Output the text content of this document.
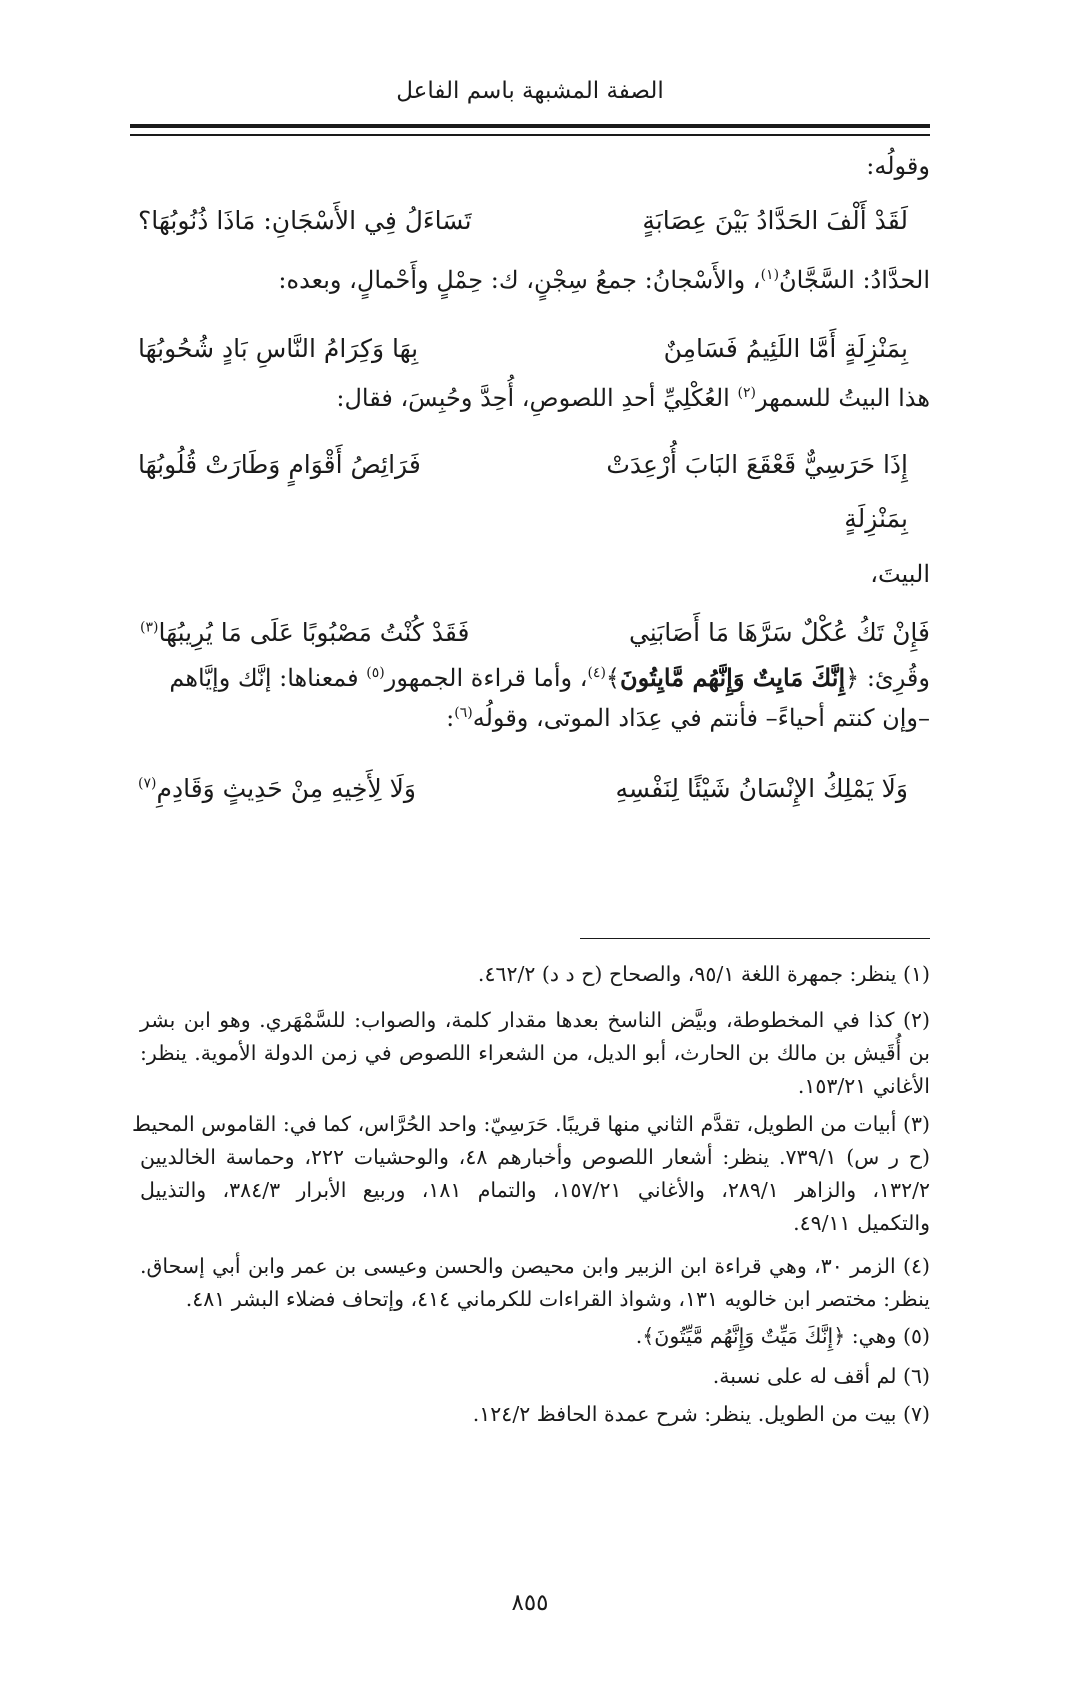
الصفة المشبهة باسم الفاعل
وقولُه:
لَقَدْ أَلْفَ الحَدَّادُ بَيْنَ عِصَابَةٍ
تَسَاءَلُ فِي الأَسْجَانِ: مَاذَا ذُنُوبُهَا؟
الحدَّادُ: السَّجَّانُ$^{(١)}$، والأَسْجانُ: جمعُ سِجْنٍ، ك: حِمْلٍ وأَحْمالٍ، وبعده:
بِمَنْزِلَةٍ أَمَّا اللَئِيمُ فَسَامِنٌ
بِهَا وَكِرَامُ النَّاسِ بَادٍ شُحُوبُهَا
هذا البيتُ للسمهر$^{(٢)}$ العُكْلِيِّ أحدِ اللصوصِ، أُحِدَّ وحُبِسَ، فقال:
إِذَا حَرَسِيٌّ قَعْقَعَ البَابَ أُرْعِدَتْ
فَرَائِصُ أَقْوَامٍ وَطَارَتْ قُلُوبُهَا
بِمَنْزِلَةٍ
البيتَ،
فَإِنْ تَكُ عُكْلٌ سَرَّهَا مَا أَصَابَنِي
فَقَدْ كُنْتُ مَصْبُوبًا عَلَى مَا يُرِيبُهَا$^{(٣)}$
وقُرِئ: ﴿إِنَّكَ مَايِتٌ وَإِنَّهُم مَّايِتُونَ﴾$^{(٤)}$، وأما قراءة الجمهور$^{(٥)}$ فمعناها: إنَّك وإيَّاهم
–وإن كنتم أحياءً– فأنتم في عِدَاد الموتى، وقولُه$^{(٦)}$:
وَلَا يَمْلِكُ الإِنْسَانُ شَيْئًا لِنَفْسِهِ
وَلَا لِأَخِيهِ مِنْ حَدِيثٍ وَقَادِمِ$^{(٧)}$
(١) ينظر: جمهرة اللغة ٩٥/١، والصحاح (ح د د) ٤٦٢/٢.
(٢) كذا في المخطوطة، وبيَّض الناسخ بعدها مقدار كلمة، والصواب: للسَّمْهَري. وهو ابن بشر
بن أُقَيش بن مالك بن الحارث، أبو الديل، من الشعراء اللصوص في زمن الدولة الأموية. ينظر:
الأغاني ١٥٣/٢١.
(٣) أبيات من الطويل، تقدَّم الثاني منها قريبًا. حَرَسِيّ: واحد الحُرَّاس، كما في: القاموس المحيط
(ح ر س) ٧٣٩/١. ينظر: أشعار اللصوص وأخبارهم ٤٨، والوحشيات ٢٢٢، وحماسة الخالديين
١٣٢/٢، والزاهر ٢٨٩/١، والأغاني ١٥٧/٢١، والتمام ١٨١، وربيع الأبرار ٣٨٤/٣، والتذييل
والتكميل ٤٩/١١.
(٤) الزمر ٣٠، وهي قراءة ابن الزبير وابن محيصن والحسن وعيسى بن عمر وابن أبي إسحاق.
ينظر: مختصر ابن خالويه ١٣١، وشواذ القراءات للكرماني ٤١٤، وإتحاف فضلاء البشر ٤٨١.
(٥) وهي: ﴿إِنَّكَ مَيِّتٌ وَإِنَّهُم مَّيِّتُونَ﴾.
(٦) لم أقف له على نسبة.
(٧) بيت من الطويل. ينظر: شرح عمدة الحافظ ١٢٤/٢.
٨٥٥
